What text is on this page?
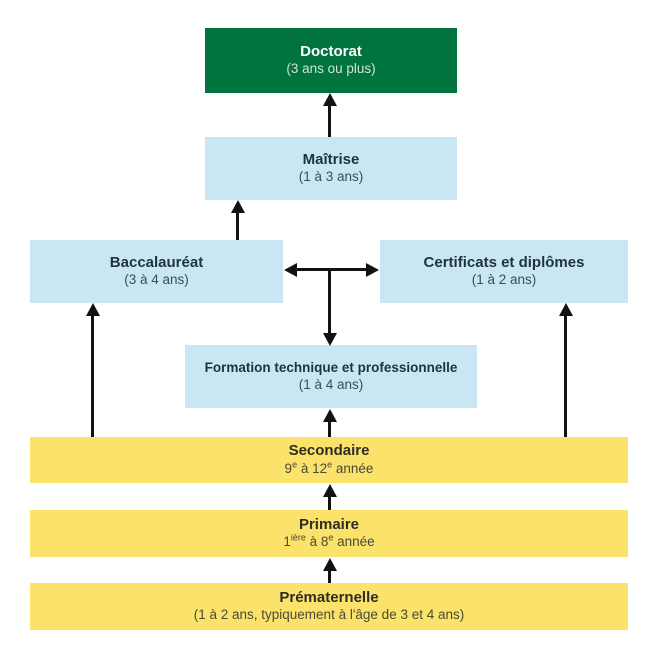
Doctorat
(3 ans ou plus)
Maîtrise
(1 à 3 ans)
Baccalauréat
(3 à 4 ans)
Certificats et diplômes
(1 à 2 ans)
Formation technique et professionnelle
(1 à 4 ans)
Secondaire
9e à 12e année
Primaire
$1^{ière}$ à 8e année
Prématernelle
(1 à 2 ans, typiquement à l'âge de 3 et 4 ans)
